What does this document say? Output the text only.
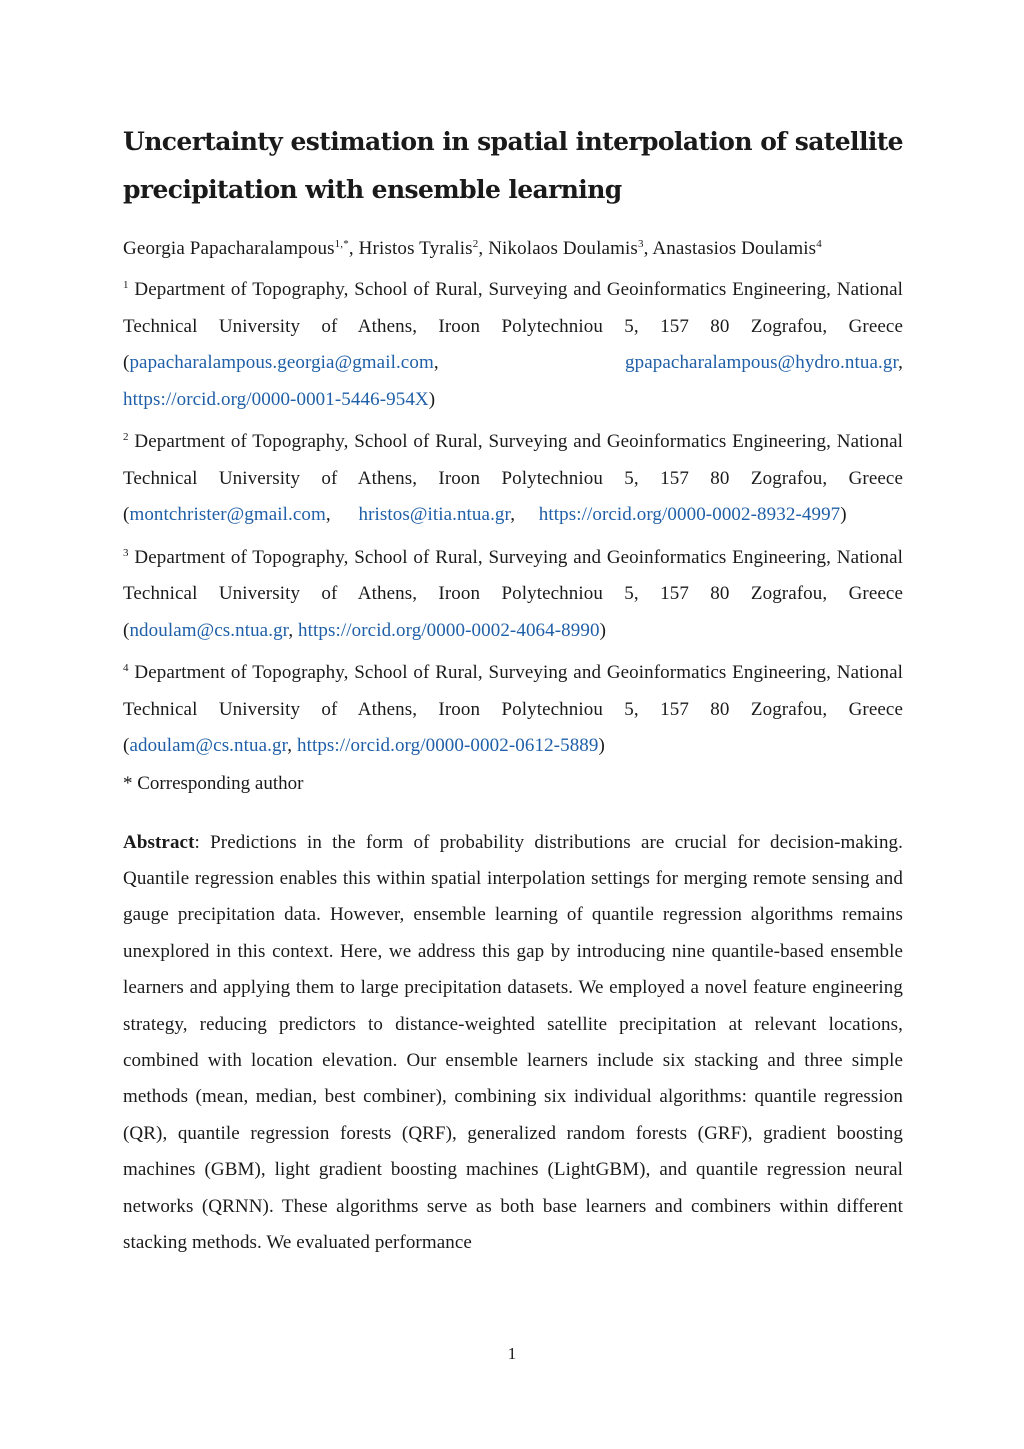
Uncertainty estimation in spatial interpolation of satellite precipitation with ensemble learning

Georgia Papacharalampous$^{1,*}$, Hristos Tyralis$^2$, Nikolaos Doulamis$^3$, Anastasios Doulamis$^4$

$^1$ Department of Topography, School of Rural, Surveying and Geoinformatics Engineering, National Technical University of Athens, Iroon Polytechniou 5, 157 80 Zografou, Greece (papacharalampous.georgia@gmail.com,	gpapacharalampous@hydro.ntua.gr, https://orcid.org/0000-0001-5446-954X)

$^2$ Department of Topography, School of Rural, Surveying and Geoinformatics Engineering, National Technical University of Athens, Iroon Polytechniou 5, 157 80 Zografou, Greece (montchrister@gmail.com,  hristos@itia.ntua.gr,  https://orcid.org/0000-0002-8932-4997)

$^3$ Department of Topography, School of Rural, Surveying and Geoinformatics Engineering, National Technical University of Athens, Iroon Polytechniou 5, 157 80 Zografou, Greece (ndoulam@cs.ntua.gr, https://orcid.org/0000-0002-4064-8990)

$^4$ Department of Topography, School of Rural, Surveying and Geoinformatics Engineering, National Technical University of Athens, Iroon Polytechniou 5, 157 80 Zografou, Greece (adoulam@cs.ntua.gr, https://orcid.org/0000-0002-0612-5889)

* Corresponding author

Abstract: Predictions in the form of probability distributions are crucial for decision-making. Quantile regression enables this within spatial interpolation settings for merging remote sensing and gauge precipitation data. However, ensemble learning of quantile regression algorithms remains unexplored in this context. Here, we address this gap by introducing nine quantile-based ensemble learners and applying them to large precipitation datasets. We employed a novel feature engineering strategy, reducing predictors to distance-weighted satellite precipitation at relevant locations, combined with location elevation. Our ensemble learners include six stacking and three simple methods (mean, median, best combiner), combining six individual algorithms: quantile regression (QR), quantile regression forests (QRF), generalized random forests (GRF), gradient boosting machines (GBM), light gradient boosting machines (LightGBM), and quantile regression neural networks (QRNN). These algorithms serve as both base learners and combiners within different stacking methods. We evaluated performance

1
